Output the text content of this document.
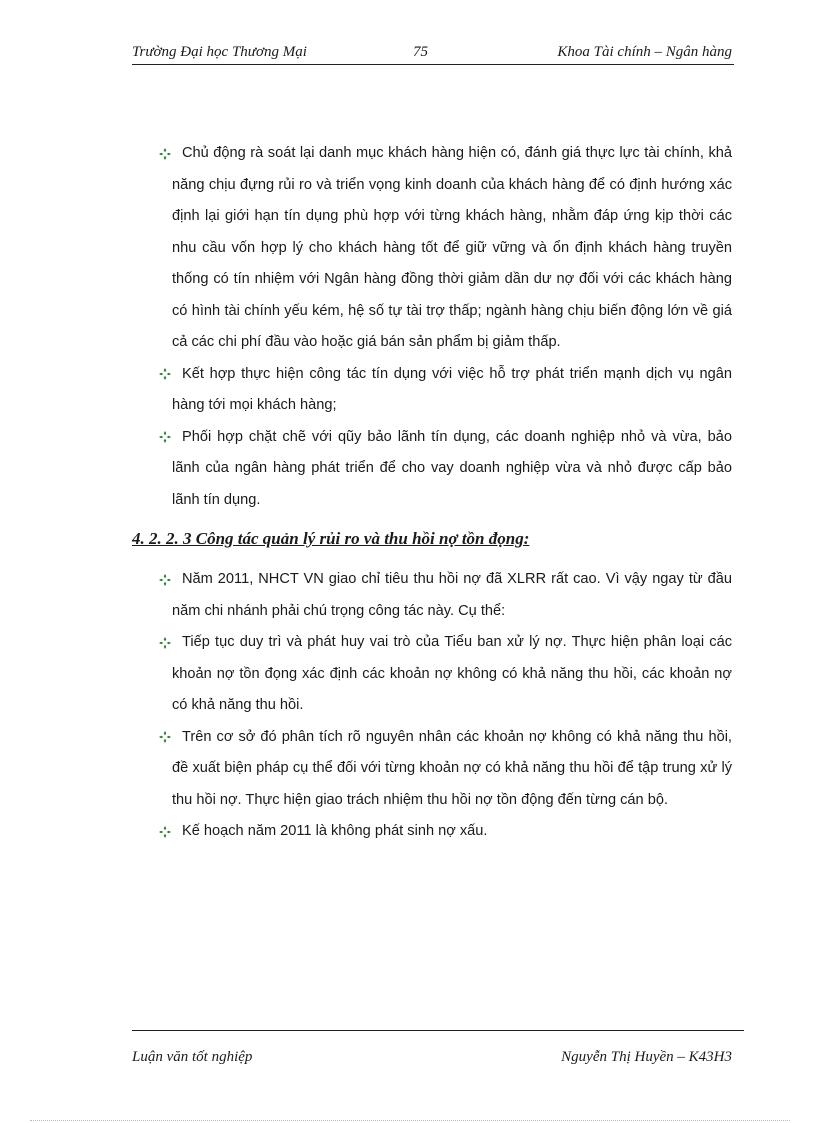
Trường Đại học Thương Mại	75	Khoa Tài chính – Ngân hàng
Chủ động rà soát lại danh mục khách hàng hiện có, đánh giá thực lực tài chính, khả năng chịu đựng rủi ro và triển vọng kinh doanh của khách hàng để có định hướng xác định lại giới hạn tín dụng phù hợp với từng khách hàng, nhằm đáp ứng kịp thời các nhu cầu vốn hợp lý cho khách hàng tốt để giữ vững và ổn định khách hàng truyền thống có tín nhiệm với Ngân hàng đồng thời giảm dần dư nợ đối với các khách hàng có hình tài chính yếu kém, hệ số tự tài trợ thấp; ngành hàng chịu biến động lớn về giá cả các chi phí đầu vào hoặc giá bán sản phẩm bị giảm thấp.
Kết hợp thực hiện công tác tín dụng với việc hỗ trợ phát triển mạnh dịch vụ ngân hàng tới mọi khách hàng;
Phối hợp chặt chẽ với qũy bảo lãnh tín dụng, các doanh nghiệp nhỏ và vừa, bảo lãnh của ngân hàng phát triển để cho vay doanh nghiệp vừa và nhỏ được cấp bảo lãnh tín dụng.
4. 2. 2. 3 Công tác quản lý rủi ro và thu hồi nợ tồn đọng:
Năm 2011, NHCT VN giao chỉ tiêu thu hồi nợ đã XLRR rất cao. Vì vậy ngay từ đầu năm chi nhánh phải chú trọng công tác này. Cụ thể:
Tiếp tục duy trì và phát huy vai trò của Tiểu ban xử lý nợ. Thực hiện phân loại các khoản nợ tồn đọng xác định các khoản nợ không có khả năng thu hồi, các khoản nợ có khả năng thu hồi.
Trên cơ sở đó phân tích rõ nguyên nhân các khoản nợ không có khả năng thu hồi, đề xuất biện pháp cụ thể đối với từng khoản nợ có khả năng thu hồi để tập trung xử lý thu hồi nợ. Thực hiện giao trách nhiệm thu hồi nợ tồn động đến từng cán bộ.
Kế hoạch năm 2011 là không phát sinh nợ xấu.
Luận văn tốt nghiệp	Nguyễn Thị Huyền – K43H3
